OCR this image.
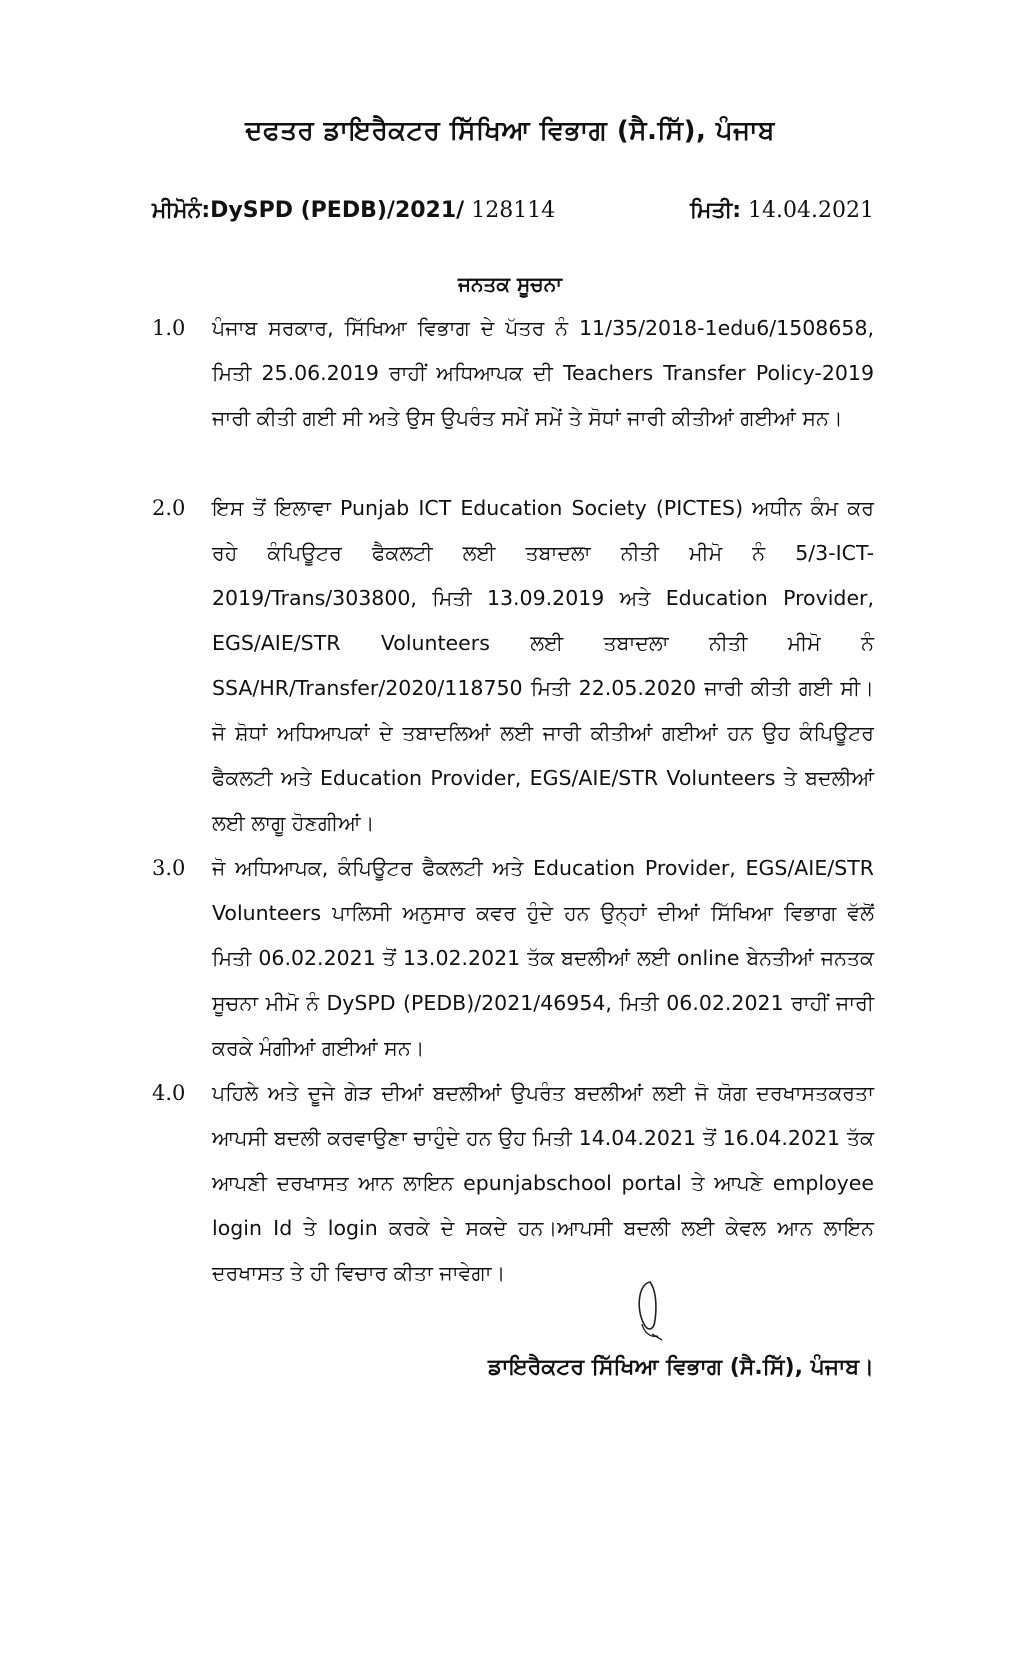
ਦਫਤਰ ਡਾਇਰੈਕਟਰ ਸਿੱਖਿਆ ਵਿਭਾਗ (ਸੈ.ਸਿੱ), ਪੰਜਾਬ
ਮੀਮੋਨੰ:DySPD (PEDB)/2021/ 128114	ਮਿਤੀ: 14.04.2021
ਜਨਤਕ ਸੂਚਨਾ
1.0	ਪੰਜਾਬ ਸਰਕਾਰ, ਸਿੱਖਿਆ ਵਿਭਾਗ ਦੇ ਪੱਤਰ ਨੰ 11/35/2018-1edu6/1508658, ਮਿਤੀ 25.06.2019 ਰਾਹੀਂ ਅਧਿਆਪਕ ਦੀ Teachers Transfer Policy-2019 ਜਾਰੀ ਕੀਤੀ ਗਈ ਸੀ ਅਤੇ ਉਸ ਉਪਰੰਤ ਸਮੇਂ ਸਮੇਂ ਤੇ ਸੋਧਾਂ ਜਾਰੀ ਕੀਤੀਆਂ ਗਈਆਂ ਸਨ।
2.0	ਇਸ ਤੋਂ ਇਲਾਵਾ Punjab ICT Education Society (PICTES) ਅਧੀਨ ਕੰਮ ਕਰ ਰਹੇ ਕੰਪਿਊਟਰ ਫੈਕਲਟੀ ਲਈ ਤਬਾਦਲਾ ਨੀਤੀ ਮੀਮੋ ਨੰ 5/3-ICT-2019/Trans/303800, ਮਿਤੀ 13.09.2019 ਅਤੇ Education Provider, EGS/AIE/STR Volunteers ਲਈ ਤਬਾਦਲਾ ਨੀਤੀ ਮੀਮੋ ਨੰ SSA/HR/Transfer/2020/118750 ਮਿਤੀ 22.05.2020 ਜਾਰੀ ਕੀਤੀ ਗਈ ਸੀ। ਜੋ ਸ਼ੋਧਾਂ ਅਧਿਆਪਕਾਂ ਦੇ ਤਬਾਦਲਿਆਂ ਲਈ ਜਾਰੀ ਕੀਤੀਆਂ ਗਈਆਂ ਹਨ ਉਹ ਕੰਪਿਊਟਰ ਫੈਕਲਟੀ ਅਤੇ Education Provider, EGS/AIE/STR Volunteers ਤੇ ਬਦਲੀਆਂ ਲਈ ਲਾਗੂ ਹੋਣਗੀਆਂ।
3.0	ਜੋ ਅਧਿਆਪਕ, ਕੰਪਿਊਟਰ ਫੈਕਲਟੀ ਅਤੇ Education Provider, EGS/AIE/STR Volunteers ਪਾਲਿਸੀ ਅਨੁਸਾਰ ਕਵਰ ਹੁੰਦੇ ਹਨ ਉਨ੍ਹਾਂ ਦੀਆਂ ਸਿੱਖਿਆ ਵਿਭਾਗ ਵੱਲੋਂ ਮਿਤੀ 06.02.2021 ਤੋਂ 13.02.2021 ਤੱਕ ਬਦਲੀਆਂ ਲਈ online ਬੇਨਤੀਆਂ ਜਨਤਕ ਸੂਚਨਾ ਮੀਮੋ ਨੰ DySPD (PEDB)/2021/46954, ਮਿਤੀ 06.02.2021 ਰਾਹੀਂ ਜਾਰੀ ਕਰਕੇ ਮੰਗੀਆਂ ਗਈਆਂ ਸਨ।
4.0	ਪਹਿਲੇ ਅਤੇ ਦੂਜੇ ਗੇੜ ਦੀਆਂ ਬਦਲੀਆਂ ਉਪਰੰਤ ਬਦਲੀਆਂ ਲਈ ਜੋ ਯੋਗ ਦਰਖਾਸਤਕਰਤਾ ਆਪਸੀ ਬਦਲੀ ਕਰਵਾਉਣਾ ਚਾਹੁੰਦੇ ਹਨ ਉਹ ਮਿਤੀ 14.04.2021 ਤੋਂ 16.04.2021 ਤੱਕ ਆਪਣੀ ਦਰਖਾਸਤ ਆਨ ਲਾਇਨ epunjabschool portal ਤੇ ਆਪਣੇ employee login Id ਤੇ login ਕਰਕੇ ਦੇ ਸਕਦੇ ਹਨ।ਆਪਸੀ ਬਦਲੀ ਲਈ ਕੇਵਲ ਆਨ ਲਾਇਨ ਦਰਖਾਸਤ ਤੇ ਹੀ ਵਿਚਾਰ ਕੀਤਾ ਜਾਵੇਗਾ।
ਡਾਇਰੈਕਟਰ ਸਿੱਖਿਆ ਵਿਭਾਗ (ਸੈ.ਸਿੱ), ਪੰਜਾਬ।
